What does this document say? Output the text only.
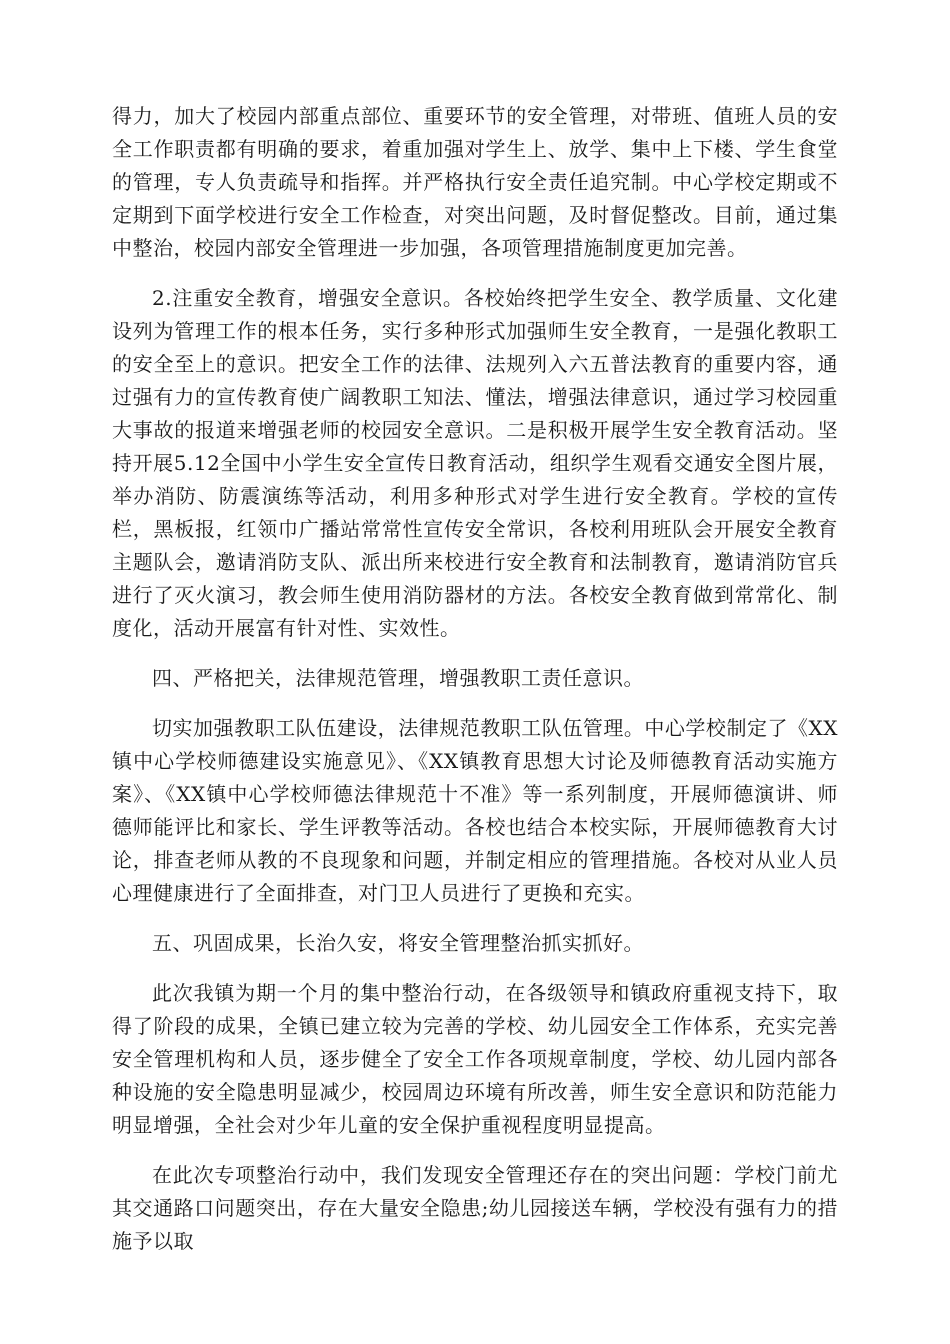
得力，加大了校园内部重点部位、重要环节的安全管理，对带班、值班人员的安全工作职责都有明确的要求，着重加强对学生上、放学、集中上下楼、学生食堂的管理，专人负责疏导和指挥。并严格执行安全责任追究制。中心学校定期或不定期到下面学校进行安全工作检查，对突出问题，及时督促整改。目前，通过集中整治，校园内部安全管理进一步加强，各项管理措施制度更加完善。

2.注重安全教育，增强安全意识。各校始终把学生安全、教学质量、文化建设列为管理工作的根本任务，实行多种形式加强师生安全教育，一是强化教职工的安全至上的意识。把安全工作的法律、法规列入六五普法教育的重要内容，通过强有力的宣传教育使广阔教职工知法、懂法，增强法律意识，通过学习校园重大事故的报道来增强老师的校园安全意识。二是积极开展学生安全教育活动。坚持开展5.12全国中小学生安全宣传日教育活动，组织学生观看交通安全图片展，举办消防、防震演练等活动，利用多种形式对学生进行安全教育。学校的宣传栏，黑板报，红领巾广播站常常性宣传安全常识，各校利用班队会开展安全教育主题队会，邀请消防支队、派出所来校进行安全教育和法制教育，邀请消防官兵进行了灭火演习，教会师生使用消防器材的方法。各校安全教育做到常常化、制度化，活动开展富有针对性、实效性。

四、严格把关，法律规范管理，增强教职工责任意识。

切实加强教职工队伍建设，法律规范教职工队伍管理。中心学校制定了《XX镇中心学校师德建设实施意见》、《XX镇教育思想大讨论及师德教育活动实施方案》、《XX镇中心学校师德法律规范十不准》等一系列制度，开展师德演讲、师德师能评比和家长、学生评教等活动。各校也结合本校实际，开展师德教育大讨论，排查老师从教的不良现象和问题，并制定相应的管理措施。各校对从业人员心理健康进行了全面排查，对门卫人员进行了更换和充实。

五、巩固成果，长治久安，将安全管理整治抓实抓好。

此次我镇为期一个月的集中整治行动，在各级领导和镇政府重视支持下，取得了阶段的成果，全镇已建立较为完善的学校、幼儿园安全工作体系，充实完善安全管理机构和人员，逐步健全了安全工作各项规章制度，学校、幼儿园内部各种设施的安全隐患明显减少，校园周边环境有所改善，师生安全意识和防范能力明显增强，全社会对少年儿童的安全保护重视程度明显提高。

在此次专项整治行动中，我们发现安全管理还存在的突出问题：学校门前尤其交通路口问题突出，存在大量安全隐患;幼儿园接送车辆，学校没有强有力的措施予以取
